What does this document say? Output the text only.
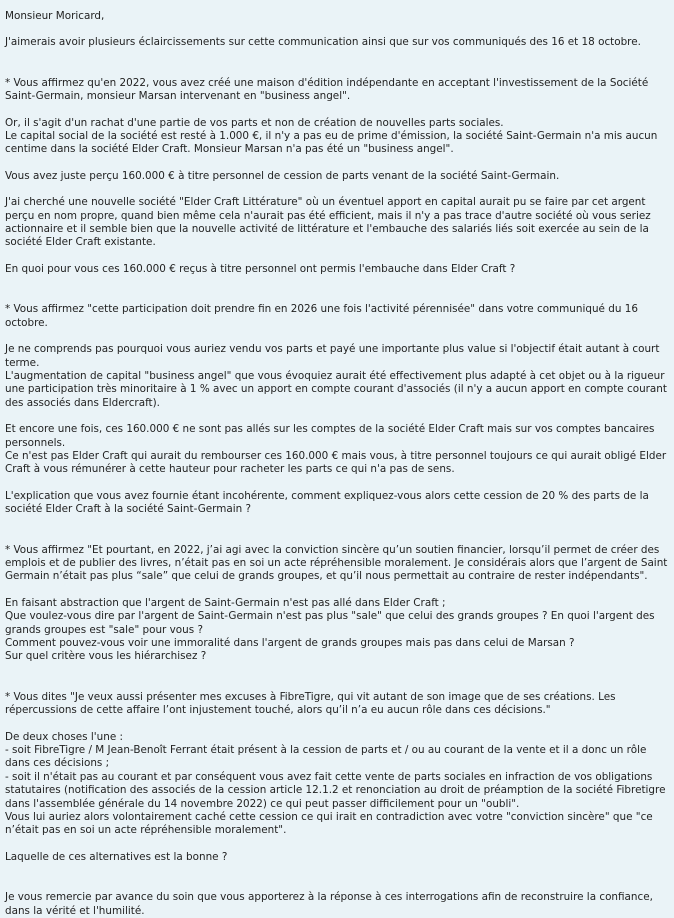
Monsieur Moricard,

J'aimerais avoir plusieurs éclaircissements sur cette communication ainsi que sur vos communiqués des 16 et 18 octobre.

* Vous affirmez qu'en 2022, vous avez créé une maison d'édition indépendante en acceptant l'investissement de la Société Saint-Germain, monsieur Marsan intervenant en "business angel".

Or, il s'agit d'un rachat d'une partie de vos parts et non de création de nouvelles parts sociales.
Le capital social de la société est resté à 1.000 €, il n'y a pas eu de prime d'émission, la société Saint-Germain n'a mis aucun centime dans la société Elder Craft. Monsieur Marsan n'a pas été un "business angel".

Vous avez juste perçu 160.000 € à titre personnel de cession de parts venant de la société Saint-Germain.

J'ai cherché une nouvelle société "Elder Craft Littérature" où un éventuel apport en capital aurait pu se faire par cet argent perçu en nom propre, quand bien même cela n'aurait pas été efficient, mais il n'y a pas trace d'autre société où vous seriez actionnaire et il semble bien que la nouvelle activité de littérature et l'embauche des salariés liés soit exercée au sein de la société Elder Craft existante.

En quoi pour vous ces 160.000 € reçus à titre personnel ont permis l'embauche dans Elder Craft ?

* Vous affirmez "cette participation doit prendre fin en 2026 une fois l'activité pérennisée" dans votre communiqué du 16 octobre.

Je ne comprends pas pourquoi vous auriez vendu vos parts et payé une importante plus value si l'objectif était autant à court terme.
L'augmentation de capital "business angel" que vous évoquiez aurait été effectivement plus adapté à cet objet ou à la rigueur une participation très minoritaire à 1 % avec un apport en compte courant d'associés (il n'y a aucun apport en compte courant des associés dans Eldercraft).

Et encore une fois, ces 160.000 € ne sont pas allés sur les comptes de la société Elder Craft mais sur vos comptes bancaires personnels.
Ce n'est pas Elder Craft qui aurait du rembourser ces 160.000 € mais vous, à titre personnel toujours ce qui aurait obligé Elder Craft à vous rémunérer à cette hauteur pour racheter les parts ce qui n'a pas de sens.

L'explication que vous avez fournie étant incohérente, comment expliquez-vous alors cette cession de 20 % des parts de la société Elder Craft à la société Saint-Germain ?

* Vous affirmez "Et pourtant, en 2022, j’ai agi avec la conviction sincère qu’un soutien financier, lorsqu’il permet de créer des emplois et de publier des livres, n’était pas en soi un acte répréhensible moralement. Je considérais alors que l’argent de Saint Germain n’était pas plus “sale” que celui de grands groupes, et qu’il nous permettait au contraire de rester indépendants".

En faisant abstraction que l'argent de Saint-Germain n'est pas allé dans Elder Craft ;
Que voulez-vous dire par l'argent de Saint-Germain n'est pas plus "sale" que celui des grands groupes ? En quoi l'argent des grands groupes est "sale" pour vous ?
Comment pouvez-vous voir une immoralité dans l'argent de grands groupes mais pas dans celui de Marsan ?
Sur quel critère vous les hiérarchisez ?

* Vous dites "Je veux aussi présenter mes excuses à FibreTigre, qui vit autant de son image que de ses créations. Les répercussions de cette affaire l’ont injustement touché, alors qu’il n’a eu aucun rôle dans ces décisions."

De deux choses l'une :
- soit FibreTigre / M Jean-Benoît Ferrant était présent à la cession de parts et / ou au courant de la vente et il a donc un rôle dans ces décisions ;
- soit il n'était pas au courant et par conséquent vous avez fait cette vente de parts sociales en infraction de vos obligations statutaires (notification des associés de la cession article 12.1.2 et renonciation au droit de préamption de la société Fibretigre dans l'assemblée générale du 14 novembre 2022) ce qui peut passer difficilement pour un "oubli".
Vous lui auriez alors volontairement caché cette cession ce qui irait en contradiction avec votre "conviction sincère" que "ce n’était pas en soi un acte répréhensible moralement".

Laquelle de ces alternatives est la bonne ?

Je vous remercie par avance du soin que vous apporterez à la réponse à ces interrogations afin de reconstruire la confiance, dans la vérité et l'humilité.
